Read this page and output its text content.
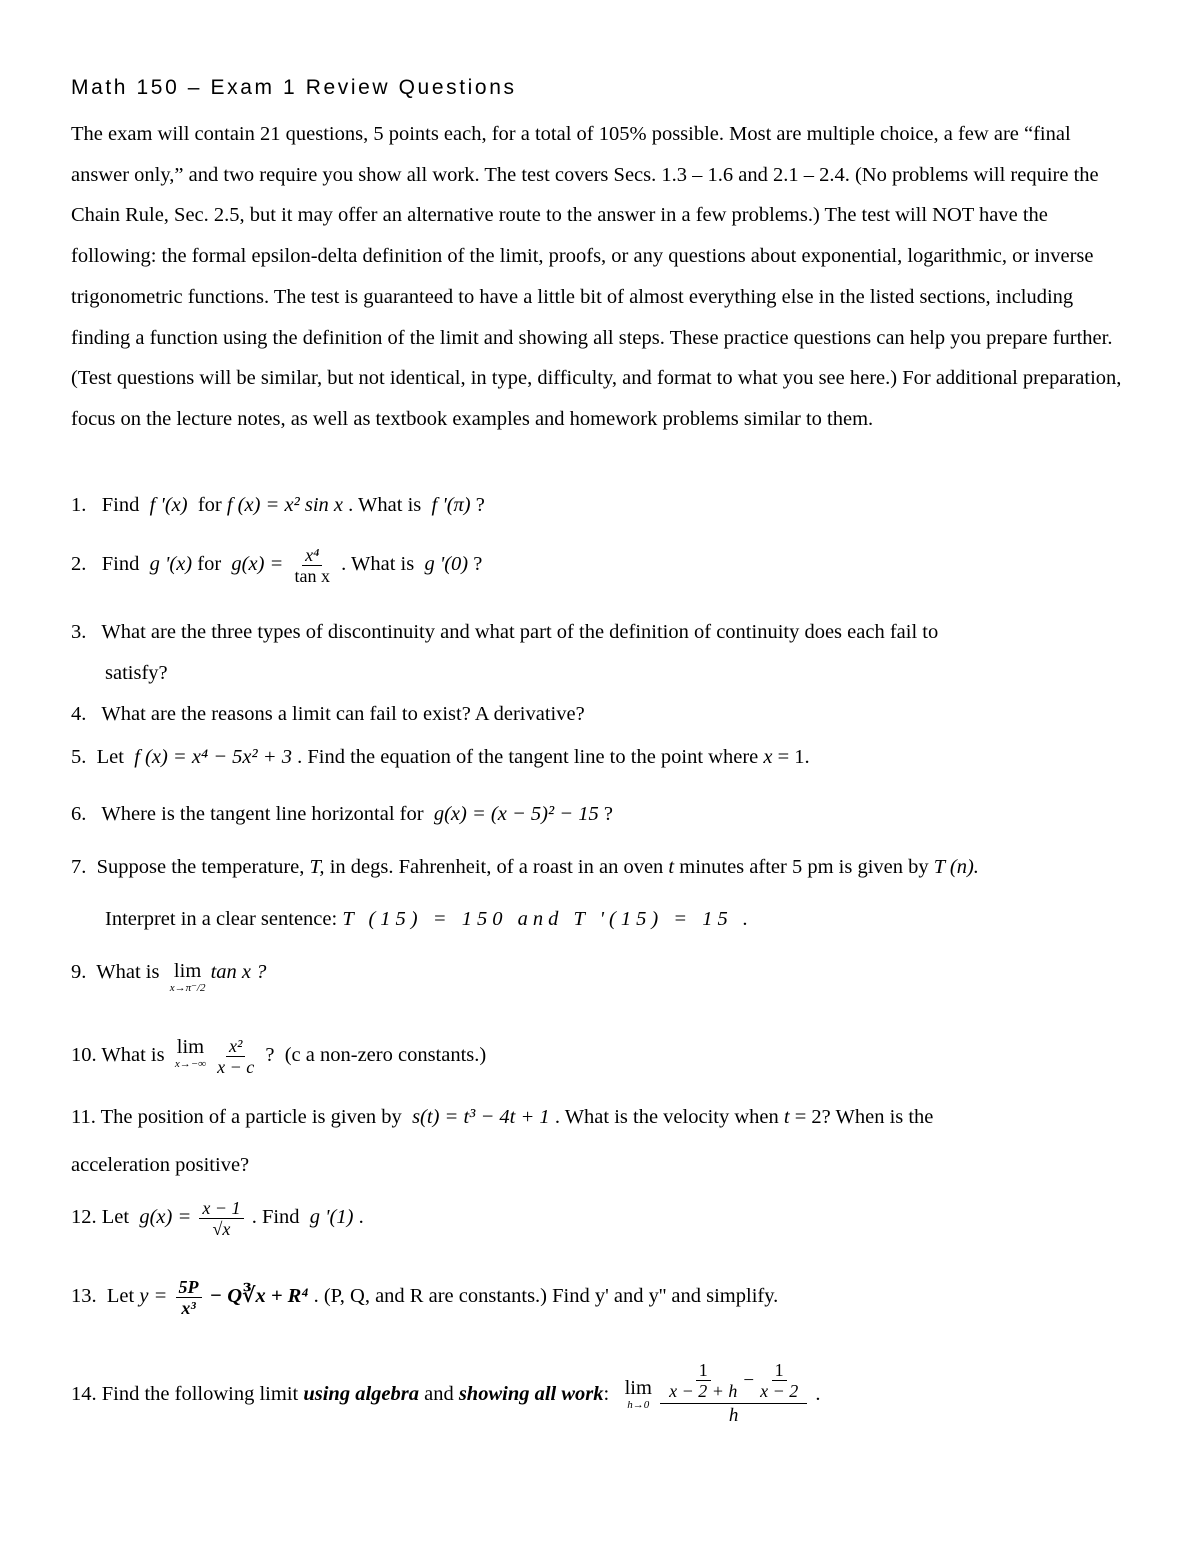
Math 150 – Exam 1 Review Questions
The exam will contain 21 questions, 5 points each, for a total of 105% possible. Most are multiple choice, a few are “final answer only,” and two require you show all work. The test covers Secs. 1.3 – 1.6 and 2.1 – 2.4. (No problems will require the Chain Rule, Sec. 2.5, but it may offer an alternative route to the answer in a few problems.) The test will NOT have the following: the formal epsilon-delta definition of the limit, proofs, or any questions about exponential, logarithmic, or inverse trigonometric functions. The test is guaranteed to have a little bit of almost everything else in the listed sections, including finding a function using the definition of the limit and showing all steps. These practice questions can help you prepare further. (Test questions will be similar, but not identical, in type, difficulty, and format to what you see here.) For additional preparation, focus on the lecture notes, as well as textbook examples and homework problems similar to them.
1. Find f '(x) for f (x) = x² sin x . What is f '(π) ?
2. Find g '(x) for $g(x) = \frac{\text{x⁴}}{\text{tan x}}$ . What is g '(0) ?
3. What are the three types of discontinuity and what part of the definition of continuity does each fail to
satisfy?
4. What are the reasons a limit can fail to exist? A derivative?
5. Let f (x) = x⁴ − 5x² + 3 . Find the equation of the tangent line to the point where x = 1.
6. Where is the tangent line horizontal for g(x) = (x − 5)² − 15 ?
7. Suppose the temperature, T, in degs. Fahrenheit, of a roast in an oven t minutes after 5 pm is given by T (n).
Interpret in a clear sentence: T (15) = 150 and T '(15) = 15 .
9. What is lim
x→π⁻/2
tan x ?
10. What is lim
x→−∞
$\frac{\text{x²}}{x - c}$ ? (c a non-zero constants.)
11. The position of a particle is given by s(t) = t³ − 4t + 1 . What is the velocity when t = 2? When is the
acceleration positive?
12. Let $g(x) = \frac{x - 1}{√x}$ . Find g '(1) .
13. Let $y = \frac{5P}{\text{x³}}$ − Q∛x + R⁴ . (P, Q, and R are constants.) Find y' and y'' and simplify.
14. Find the following limit using algebra and showing all work: lim
h→0

$\frac{1}{x - 2 + h} - \frac{1}{x - 2}$
h
.
